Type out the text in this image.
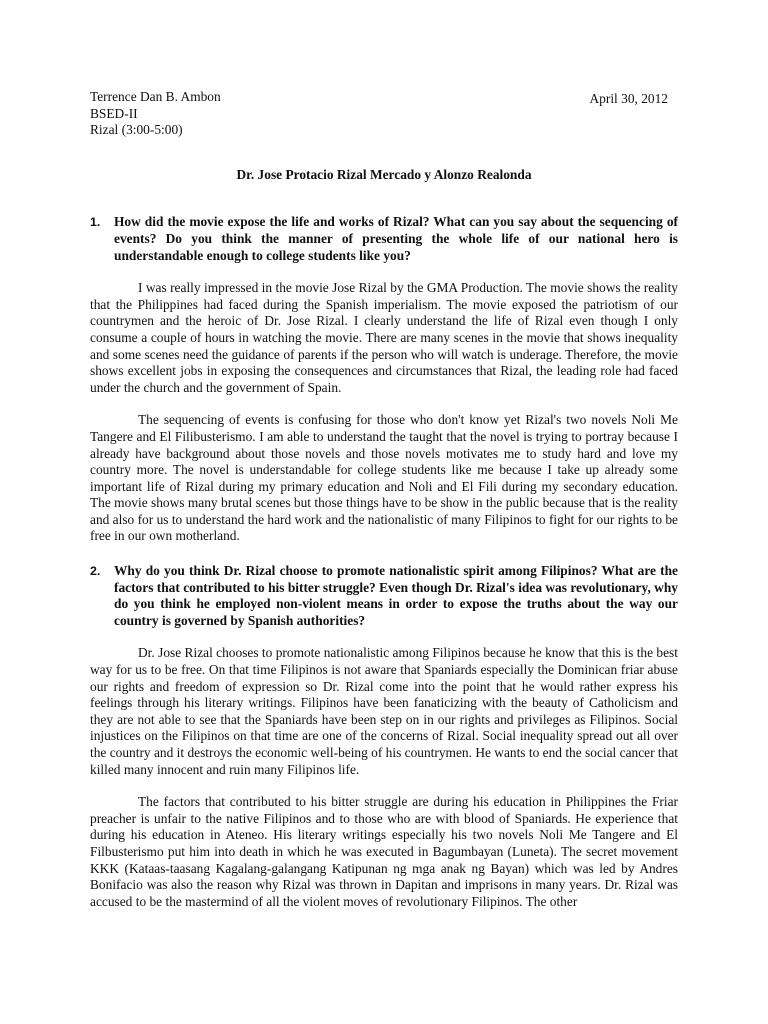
Terrence Dan B. Ambon
BSED-II
Rizal (3:00-5:00)
April 30, 2012
Dr. Jose Protacio Rizal Mercado y Alonzo Realonda
1.	How did the movie expose the life and works of Rizal? What can you say about the sequencing of events? Do you think the manner of presenting the whole life of our national hero is understandable enough to college students like you?

I was really impressed in the movie Jose Rizal by the GMA Production. The movie shows the reality that the Philippines had faced during the Spanish imperialism. The movie exposed the patriotism of our countrymen and the heroic of Dr. Jose Rizal. I clearly understand the life of Rizal even though I only consume a couple of hours in watching the movie. There are many scenes in the movie that shows inequality and some scenes need the guidance of parents if the person who will watch is underage. Therefore, the movie shows excellent jobs in exposing the consequences and circumstances that Rizal, the leading role had faced under the church and the government of Spain.

The sequencing of events is confusing for those who don't know yet Rizal's two novels Noli Me Tangere and El Filibusterismo. I am able to understand the taught that the novel is trying to portray because I already have background about those novels and those novels motivates me to study hard and love my country more. The novel is understandable for college students like me because I take up already some important life of Rizal during my primary education and Noli and El Fili during my secondary education. The movie shows many brutal scenes but those things have to be show in the public because that is the reality and also for us to understand the hard work and the nationalistic of many Filipinos to fight for our rights to be free in our own motherland.

2.	Why do you think Dr. Rizal choose to promote nationalistic spirit among Filipinos? What are the factors that contributed to his bitter struggle? Even though Dr. Rizal's idea was revolutionary, why do you think he employed non-violent means in order to expose the truths about the way our country is governed by Spanish authorities?

Dr. Jose Rizal chooses to promote nationalistic among Filipinos because he know that this is the best way for us to be free. On that time Filipinos is not aware that Spaniards especially the Dominican friar abuse our rights and freedom of expression so Dr. Rizal come into the point that he would rather express his feelings through his literary writings. Filipinos have been fanaticizing with the beauty of Catholicism and they are not able to see that the Spaniards have been step on in our rights and privileges as Filipinos. Social injustices on the Filipinos on that time are one of the concerns of Rizal. Social inequality spread out all over the country and it destroys the economic well-being of his countrymen. He wants to end the social cancer that killed many innocent and ruin many Filipinos life.

The factors that contributed to his bitter struggle are during his education in Philippines the Friar preacher is unfair to the native Filipinos and to those who are with blood of Spaniards. He experience that during his education in Ateneo. His literary writings especially his two novels Noli Me Tangere and El Filbusterismo put him into death in which he was executed in Bagumbayan (Luneta). The secret movement KKK (Kataas-taasang Kagalang-galangang Katipunan ng mga anak ng Bayan) which was led by Andres Bonifacio was also the reason why Rizal was thrown in Dapitan and imprisons in many years. Dr. Rizal was accused to be the mastermind of all the violent moves of revolutionary Filipinos. The other
